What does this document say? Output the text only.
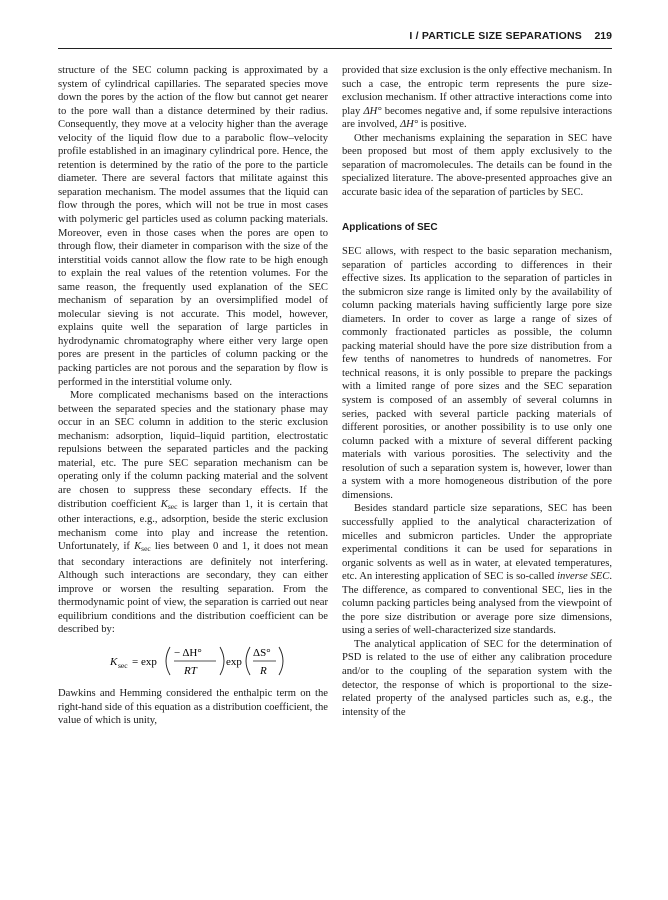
I / PARTICLE SIZE SEPARATIONS 219

structure of the SEC column packing is approximated by a system of cylindrical capillaries. The separated species move down the pores by the action of the flow but cannot get nearer to the pore wall than a distance determined by their radius. Consequently, they move at a velocity higher than the average velocity of the liquid flow due to a parabolic flow–velocity profile established in an imaginary cylindrical pore. Hence, the retention is determined by the ratio of the pore to the particle diameter. There are several factors that militate against this separation mechanism. The model assumes that the liquid can flow through the pores, which will not be true in most cases with polymeric gel particles used as column packing materials. Moreover, even in those cases when the pores are open to through flow, their diameter in comparison with the size of the interstitial voids cannot allow the flow rate to be high enough to explain the real values of the retention volumes. For the same reason, the frequently used explanation of the SEC mechanism of separation by an oversimplified model of molecular sieving is not accurate. This model, however, explains quite well the separation of large particles in hydrodynamic chromatography where either very large open pores are present in the particles of column packing or the packing particles are not porous and the separation by flow is performed in the interstitial volume only.

More complicated mechanisms based on the interactions between the separated species and the stationary phase may occur in an SEC column in addition to the steric exclusion mechanism: adsorption, liquid–liquid partition, electrostatic repulsions between the separated particles and the packing material, etc. The pure SEC separation mechanism can be operating only if the column packing material and the solvent are chosen to suppress these secondary effects. If the distribution coefficient $K_{sec}$ is larger than 1, it is certain that other interactions, e.g., adsorption, beside the steric exclusion mechanism come into play and increase the retention. Unfortunately, if $K_{sec}$ lies between 0 and 1, it does not mean that secondary interactions are definitely not interfering. Although such interactions are secondary, they can either improve or worsen the resulting separation. From the thermodynamic point of view, the separation is carried out near equilibrium conditions and the distribution coefficient can be described by:

K sec = exp
− ΔH°
RT
exp
ΔS°
R

Dawkins and Hemming considered the enthalpic term on the right-hand side of this equation as a distribution coefficient, the value of which is unity,

provided that size exclusion is the only effective mechanism. In such a case, the entropic term represents the pure size-exclusion mechanism. If other attractive interactions come into play ΔH° becomes negative and, if some repulsive interactions are involved, ΔH° is positive.

Other mechanisms explaining the separation in SEC have been proposed but most of them apply exclusively to the separation of macromolecules. The details can be found in the specialized literature. The above-presented approaches give an accurate basic idea of the separation of particles by SEC.

Applications of SEC

SEC allows, with respect to the basic separation mechanism, separation of particles according to differences in their effective sizes. Its application to the separation of particles in the submicron size range is limited only by the availability of column packing materials having sufficiently large pore size diameters. In order to cover as large a range of sizes of commonly fractionated particles as possible, the column packing material should have the pore size distribution from a few tenths of nanometres to hundreds of nanometres. For technical reasons, it is only possible to prepare the packings with a limited range of pore sizes and the SEC separation system is composed of an assembly of several columns in series, packed with several particle packing materials of different porosities, or another possibility is to use only one column packed with a mixture of several different packing materials with various porosities. The selectivity and the resolution of such a separation system is, however, lower than a system with a more homogeneous distribution of the pore dimensions.

Besides standard particle size separations, SEC has been successfully applied to the analytical characterization of micelles and submicron particles. Under the appropriate experimental conditions it can be used for separations in organic solvents as well as in water, at elevated temperatures, etc. An interesting application of SEC is so-called inverse SEC. The difference, as compared to conventional SEC, lies in the column packing particles being analysed from the viewpoint of the pore size distribution or average pore size dimensions, using a series of well-characterized size standards.

The analytical application of SEC for the determination of PSD is related to the use of either any calibration procedure and/or to the coupling of the separation system with the detector, the response of which is proportional to the size-related property of the analysed particles such as, e.g., the intensity of the
